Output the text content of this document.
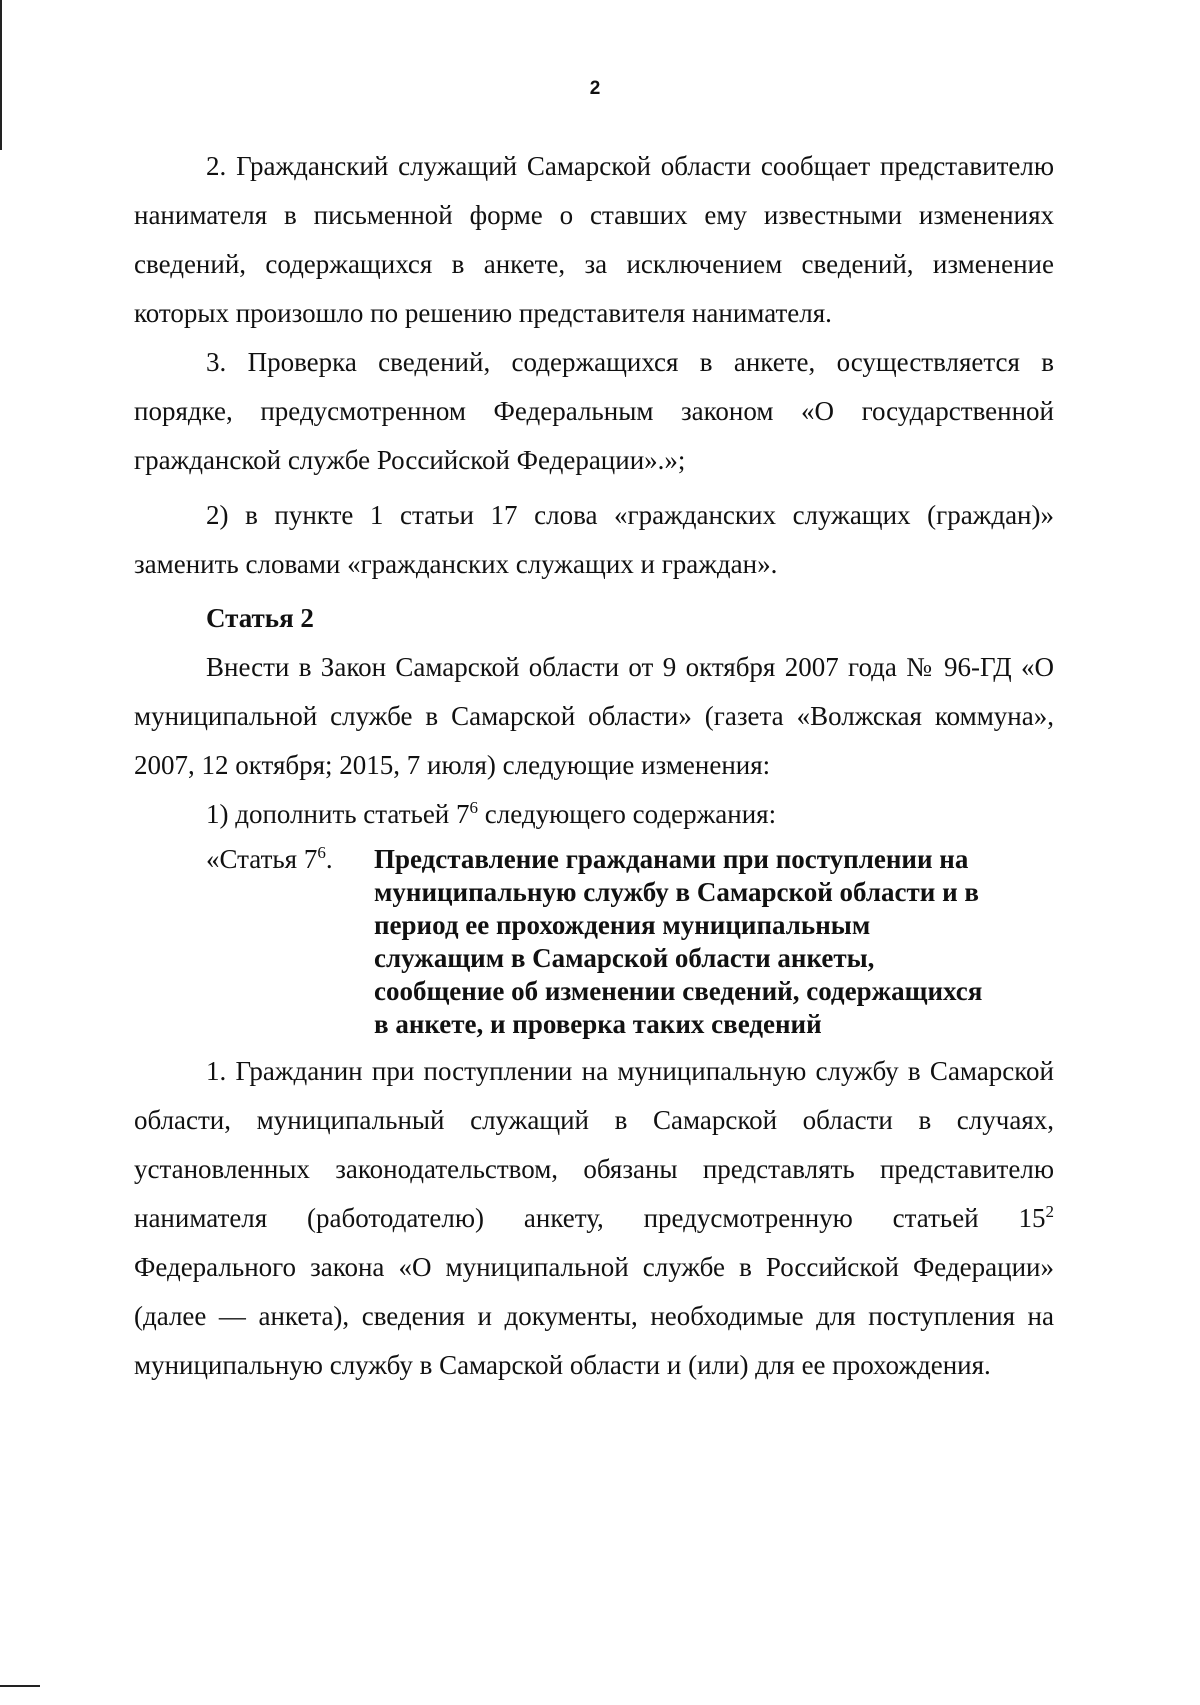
2

2. Гражданский служащий Самарской области сообщает представителю нанимателя в письменной форме о ставших ему известными изменениях сведений, содержащихся в анкете, за исключением сведений, изменение которых произошло по решению представителя нанимателя.

3. Проверка сведений, содержащихся в анкете, осуществляется в порядке, предусмотренном Федеральным законом «О государственной гражданской службе Российской Федерации».»;

2) в пункте 1 статьи 17 слова «гражданских служащих (граждан)» заменить словами «гражданских служащих и граждан».

Статья 2

Внести в Закон Самарской области от 9 октября 2007 года № 96-ГД «О муниципальной службе в Самарской области» (газета «Волжская коммуна», 2007, 12 октября; 2015, 7 июля) следующие изменения:

1) дополнить статьей $7^6$ следующего содержания:

«Статья $7^6$.	Представление гражданами при поступлении на муниципальную службу в Самарской области и в период ее прохождения муниципальным служащим в Самарской области анкеты, сообщение об изменении сведений, содержащихся в анкете, и проверка таких сведений

1. Гражданин при поступлении на муниципальную службу в Самарской области, муниципальный служащий в Самарской области в случаях, установленных законодательством, обязаны представлять представителю нанимателя (работодателю) анкету, предусмотренную статьей $15^2$ Федерального закона «О муниципальной службе в Российской Федерации» (далее — анкета), сведения и документы, необходимые для поступления на муниципальную службу в Самарской области и (или) для ее прохождения.
